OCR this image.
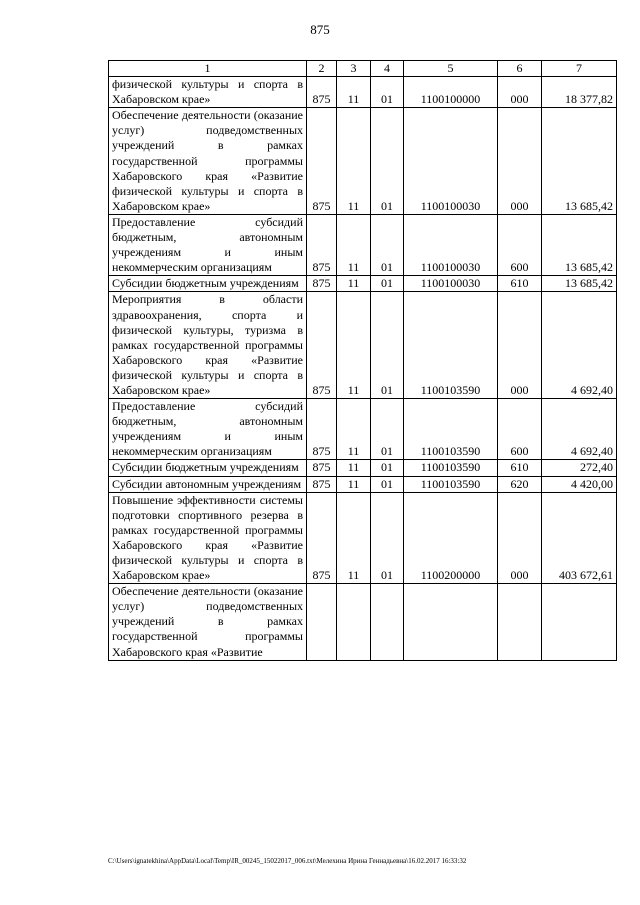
875
1	2	3	4	5	6	7
физической культуры и спорта в Хабаровском крае»	875	11	01	1100100000	000	18 377,82
Обеспечение деятельности (оказание услуг) подведомственных учреждений в рамках государственной программы Хабаровского края «Развитие физической культуры и спорта в Хабаровском крае»	875	11	01	1100100030	000	13 685,42
Предоставление субсидий бюджетным, автономным учреждениям и иным некоммерческим организациям	875	11	01	1100100030	600	13 685,42
Субсидии бюджетным учреждениям	875	11	01	1100100030	610	13 685,42
Мероприятия в области здравоохранения, спорта и физической культуры, туризма в рамках государственной программы Хабаровского края «Развитие физической культуры и спорта в Хабаровском крае»	875	11	01	1100103590	000	4 692,40
Предоставление субсидий бюджетным, автономным учреждениям и иным некоммерческим организациям	875	11	01	1100103590	600	4 692,40
Субсидии бюджетным учреждениям	875	11	01	1100103590	610	272,40
Субсидии автономным учреждениям	875	11	01	1100103590	620	4 420,00
Повышение эффективности системы подготовки спортивного резерва в рамках государственной программы Хабаровского края «Развитие физической культуры и спорта в Хабаровском крае»	875	11	01	1100200000	000	403 672,61
Обеспечение деятельности (оказание услуг) подведомственных учреждений в рамках государственной программы Хабаровского края «Развитие						
C:\Users\ignatekhina\AppData\Local\Temp\IR_00245_15022017_006.txt\Мелехина Ирина Геннадьевна\16.02.2017 16:33:32
